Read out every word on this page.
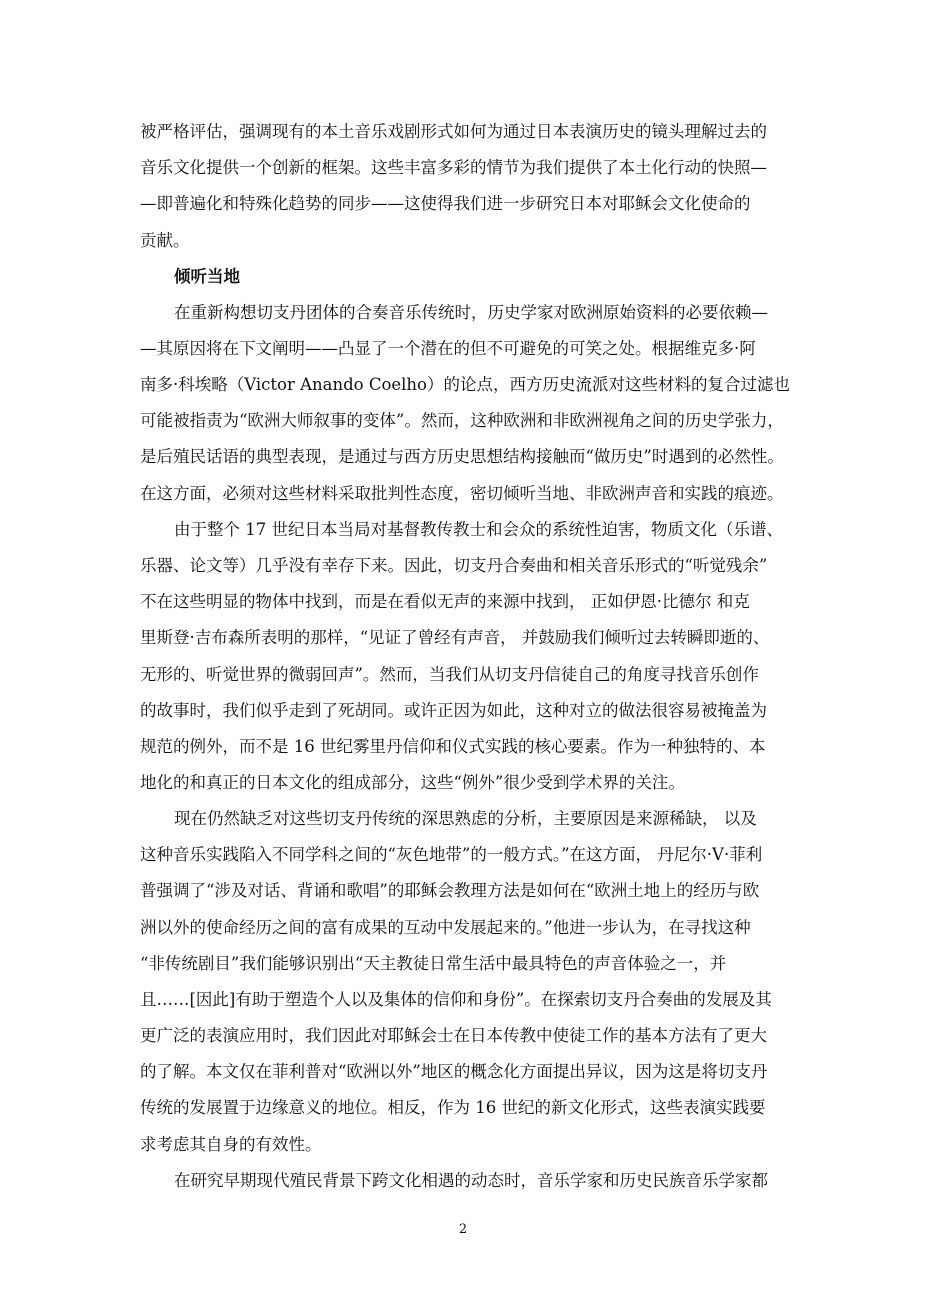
被严格评估，强调现有的本土音乐戏剧形式如何为通过日本表演历史的镜头理解过去的
音乐文化提供一个创新的框架。这些丰富多彩的情节为我们提供了本土化行动的快照—
—即普遍化和特殊化趋势的同步——这使得我们进一步研究日本对耶稣会文化使命的
贡献。
倾听当地
在重新构想切支丹团体的合奏音乐传统时，历史学家对欧洲原始资料的必要依赖—
—其原因将在下文阐明——凸显了一个潜在的但不可避免的可笑之处。根据维克多·阿
南多·科埃略（Victor Anando Coelho）的论点，西方历史流派对这些材料的复合过滤也
可能被指责为“欧洲大师叙事的变体”。然而，这种欧洲和非欧洲视角之间的历史学张力，
是后殖民话语的典型表现，是通过与西方历史思想结构接触而“做历史”时遇到的必然性。
在这方面，必须对这些材料采取批判性态度，密切倾听当地、非欧洲声音和实践的痕迹。
由于整个 17 世纪日本当局对基督教传教士和会众的系统性迫害，物质文化（乐谱、
乐器、论文等）几乎没有幸存下来。因此，切支丹合奏曲和相关音乐形式的“听觉残余”
不在这些明显的物体中找到，而是在看似无声的来源中找到， 正如伊恩·比德尔 和克
里斯登·吉布森所表明的那样，“见证了曾经有声音， 并鼓励我们倾听过去转瞬即逝的、
无形的、听觉世界的微弱回声”。然而，当我们从切支丹信徒自己的角度寻找音乐创作
的故事时，我们似乎走到了死胡同。或许正因为如此，这种对立的做法很容易被掩盖为
规范的例外，而不是 16 世纪雾里丹信仰和仪式实践的核心要素。作为一种独特的、本
地化的和真正的日本文化的组成部分，这些“例外”很少受到学术界的关注。
现在仍然缺乏对这些切支丹传统的深思熟虑的分析，主要原因是来源稀缺， 以及
这种音乐实践陷入不同学科之间的“灰色地带”的一般方式。”在这方面， 丹尼尔·V·菲利
普强调了“涉及对话、背诵和歌唱”的耶稣会教理方法是如何在“欧洲土地上的经历与欧
洲以外的使命经历之间的富有成果的互动中发展起来的。”他进一步认为，在寻找这种
“非传统剧目”我们能够识别出“天主教徒日常生活中最具特色的声音体验之一，并
且……[因此]有助于塑造个人以及集体的信仰和身份”。在探索切支丹合奏曲的发展及其
更广泛的表演应用时，我们因此对耶稣会士在日本传教中使徒工作的基本方法有了更大
的了解。本文仅在菲利普对“欧洲以外”地区的概念化方面提出异议，因为这是将切支丹
传统的发展置于边缘意义的地位。相反，作为 16 世纪的新文化形式，这些表演实践要
求考虑其自身的有效性。
在研究早期现代殖民背景下跨文化相遇的动态时，音乐学家和历史民族音乐学家都
2
